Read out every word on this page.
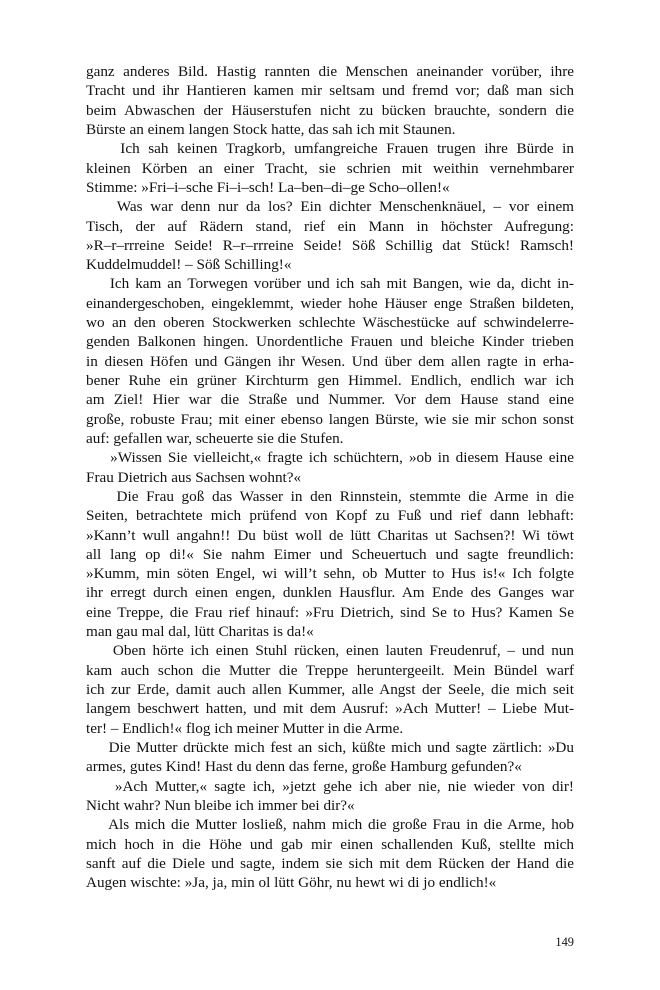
ganz anderes Bild. Hastig rannten die Menschen aneinander vorüber, ihre
Tracht und ihr Hantieren kamen mir seltsam und fremd vor; daß man sich
beim Abwaschen der Häuserstufen nicht zu bücken brauchte, sondern die
Bürste an einem langen Stock hatte, das sah ich mit Staunen.

Ich sah keinen Tragkorb, umfangreiche Frauen trugen ihre Bürde in
kleinen Körben an einer Tracht, sie schrien mit weithin vernehmbarer
Stimme: »Fri–i–sche Fi–i–sch! La–ben–di–ge Scho–ollen!«

Was war denn nur da los? Ein dichter Menschenknäuel, – vor einem
Tisch, der auf Rädern stand, rief ein Mann in höchster Aufregung:
»R–r–rrreine Seide! R–r–rrreine Seide! Söß Schillig dat Stück! Ramsch!
Kuddelmuddel! – Söß Schilling!«

Ich kam an Torwegen vorüber und ich sah mit Bangen, wie da, dicht in-
einandergeschoben, eingeklemmt, wieder hohe Häuser enge Straßen bildeten,
wo an den oberen Stockwerken schlechte Wäschestücke auf schwindelerre-
genden Balkonen hingen. Unordentliche Frauen und bleiche Kinder trieben
in diesen Höfen und Gängen ihr Wesen. Und über dem allen ragte in erha-
bener Ruhe ein grüner Kirchturm gen Himmel. Endlich, endlich war ich
am Ziel! Hier war die Straße und Nummer. Vor dem Hause stand eine
große, robuste Frau; mit einer ebenso langen Bürste, wie sie mir schon sonst
auf: gefallen war, scheuerte sie die Stufen.

»Wissen Sie vielleicht,« fragte ich schüchtern, »ob in diesem Hause eine
Frau Dietrich aus Sachsen wohnt?«

Die Frau goß das Wasser in den Rinnstein, stemmte die Arme in die
Seiten, betrachtete mich prüfend von Kopf zu Fuß und rief dann lebhaft:
»Kann’t wull angahn!! Du büst woll de lütt Charitas ut Sachsen?! Wi töwt
all lang op di!« Sie nahm Eimer und Scheuertuch und sagte freundlich:
»Kumm, min söten Engel, wi will’t sehn, ob Mutter to Hus is!« Ich folgte
ihr erregt durch einen engen, dunklen Hausflur. Am Ende des Ganges war
eine Treppe, die Frau rief hinauf: »Fru Dietrich, sind Se to Hus? Kamen Se
man gau mal dal, lütt Charitas is da!«

Oben hörte ich einen Stuhl rücken, einen lauten Freudenruf, – und nun
kam auch schon die Mutter die Treppe heruntergeeilt. Mein Bündel warf
ich zur Erde, damit auch allen Kummer, alle Angst der Seele, die mich seit
langem beschwert hatten, und mit dem Ausruf: »Ach Mutter! – Liebe Mut-
ter! – Endlich!« flog ich meiner Mutter in die Arme.

Die Mutter drückte mich fest an sich, küßte mich und sagte zärtlich: »Du
armes, gutes Kind! Hast du denn das ferne, große Hamburg gefunden?«

»Ach Mutter,« sagte ich, »jetzt gehe ich aber nie, nie wieder von dir!
Nicht wahr? Nun bleibe ich immer bei dir?«

Als mich die Mutter losließ, nahm mich die große Frau in die Arme, hob
mich hoch in die Höhe und gab mir einen schallenden Kuß, stellte mich
sanft auf die Diele und sagte, indem sie sich mit dem Rücken der Hand die
Augen wischte: »Ja, ja, min ol lütt Göhr, nu hewt wi di jo endlich!«

149
